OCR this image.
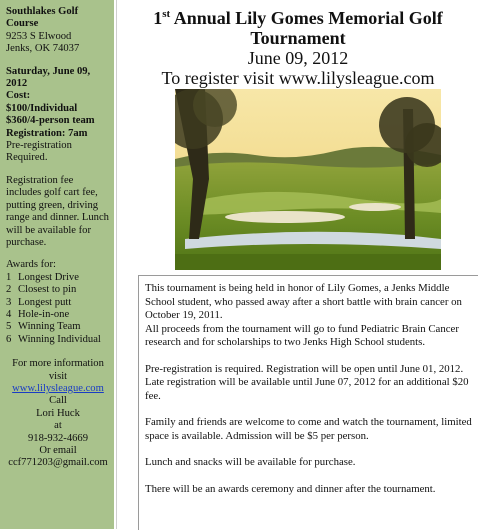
Southlakes Golf Course
9253 S Elwood
Jenks, OK 74037
Saturday, June 09, 2012
Cost:
$100/Individual
$360/4-person team
Registration: 7am
Pre-registration Required.
Registration fee includes golf cart fee, putting green, driving range and dinner. Lunch will be available for purchase.
Awards for:
1 Longest Drive
2 Closest to pin
3 Longest putt
4 Hole-in-one
5 Winning Team
6 Winning Individual
For more information visit
www.lilysleague.com
Call
Lori Huck
at
918-932-4669
Or email
ccf771203@gmail.com
1st Annual Lily Gomes Memorial Golf Tournament
June 09, 2012
To register visit www.lilysleague.com

This tournament is being held in honor of Lily Gomes, a Jenks Middle School student, who passed away after a short battle with brain cancer on October 19, 2011.

All proceeds from the tournament will go to fund Pediatric Brain Cancer research and for scholarships to two Jenks High School students.

Pre-registration is required. Registration will be open until June 01, 2012. Late registration will be available until June 07, 2012 for an additional $20 fee.

Family and friends are welcome to come and watch the tournament, limited space is available. Admission will be $5 per person.

Lunch and snacks will be available for purchase.

There will be an awards ceremony and dinner after the tournament.
